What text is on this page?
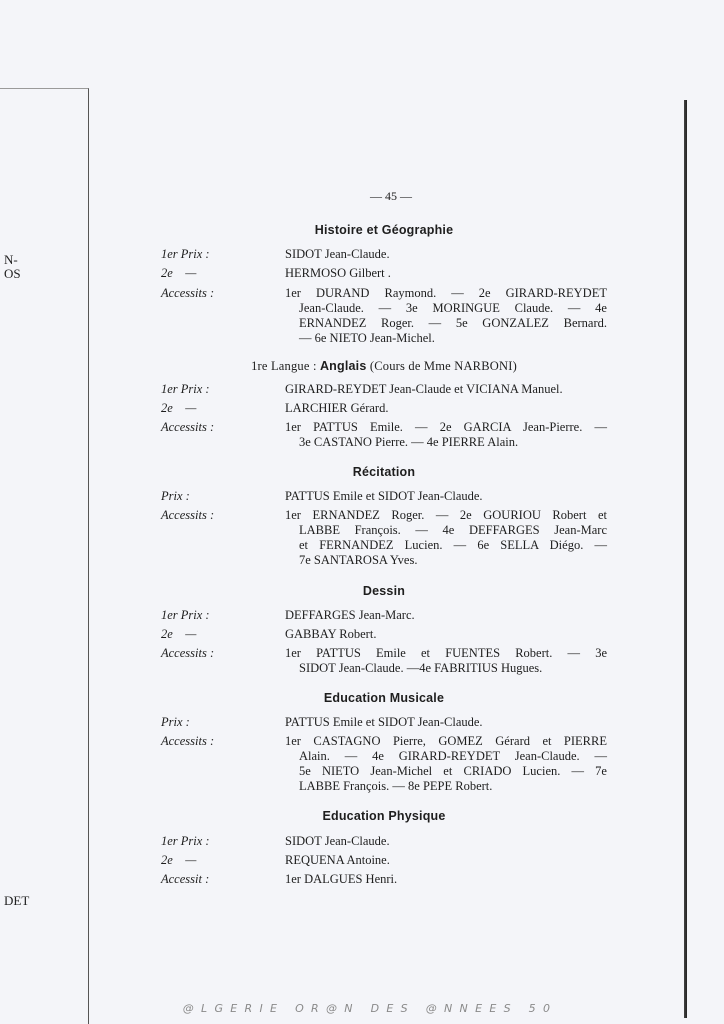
N-
OS
DET
— 45 —
Histoire et Géographie
1er Prix :	SIDOT Jean-Claude.
2e    —	HERMOSO Gilbert .
Accessits :	1er DURAND Raymond. — 2e GIRARD-REYDET
Jean-Claude. — 3e MORINGUE Claude. — 4e
ERNANDEZ Roger. — 5e GONZALEZ Bernard.
— 6e NIETO Jean-Michel.
1re Langue : Anglais (Cours de Mme NARBONI)
1er Prix :	GIRARD-REYDET Jean-Claude et VICIANA Manuel.
2e    —	LARCHIER Gérard.
Accessits :	1er PATTUS Emile. — 2e GARCIA Jean-Pierre. —
3e CASTANO Pierre. — 4e PIERRE Alain.
Récitation
Prix :	PATTUS Emile et SIDOT Jean-Claude.
Accessits :	1er ERNANDEZ Roger. — 2e GOURIOU Robert et
LABBE François. — 4e DEFFARGES Jean-Marc
et FERNANDEZ Lucien. — 6e SELLA Diégo. —
7e SANTAROSA Yves.
Dessin
1er Prix :	DEFFARGES Jean-Marc.
2e    —	GABBAY Robert.
Accessits :	1er PATTUS Emile et FUENTES Robert. — 3e
SIDOT Jean-Claude. —4e FABRITIUS Hugues.
Education Musicale
Prix :	PATTUS Emile et SIDOT Jean-Claude.
Accessits :	1er CASTAGNO Pierre, GOMEZ Gérard et PIERRE
Alain. — 4e GIRARD-REYDET Jean-Claude. —
5e NIETO Jean-Michel et CRIADO Lucien. — 7e
LABBE François. — 8e PEPE Robert.
Education Physique
1er Prix :	SIDOT Jean-Claude.
2e    —	REQUENA Antoine.
Accessit :	1er DALGUES Henri.
@LGERIE OR@N DES @NNEES 50
